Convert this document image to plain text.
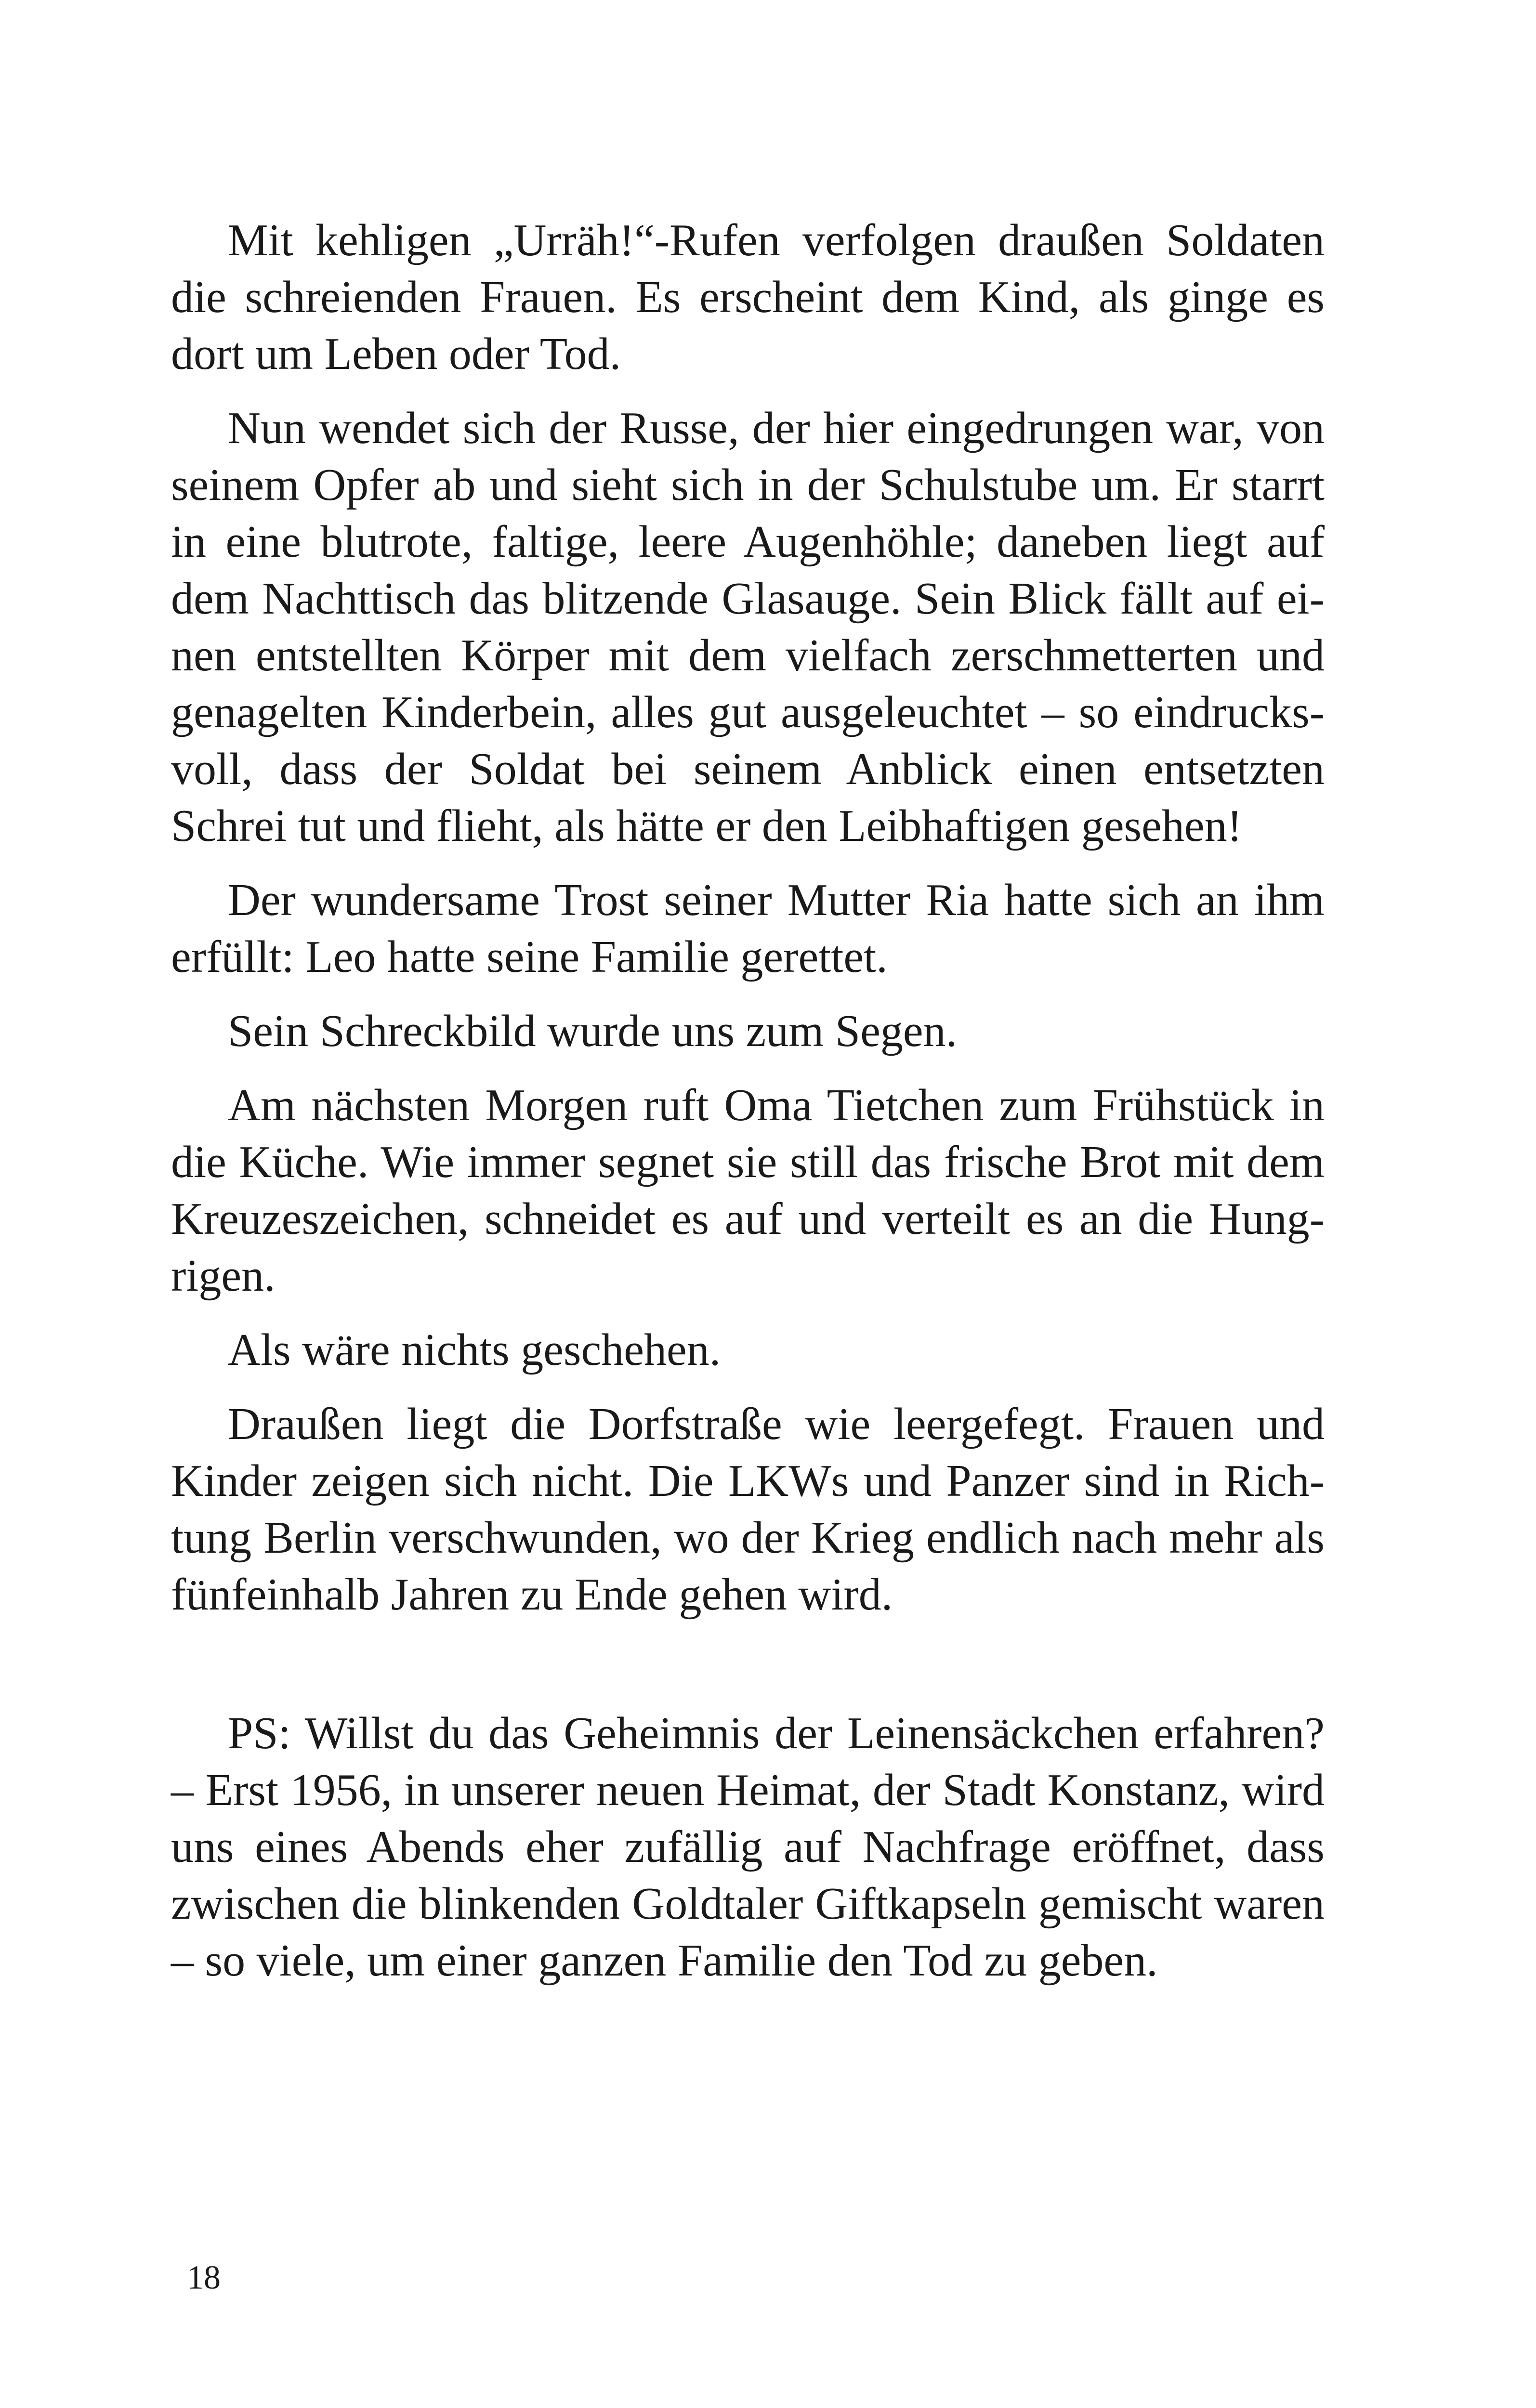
Mit kehligen „Urräh!“-Rufen verfolgen draußen Soldaten die schreienden Frauen. Es erscheint dem Kind, als ginge es dort um Leben oder Tod.

Nun wendet sich der Russe, der hier eingedrungen war, von seinem Opfer ab und sieht sich in der Schulstube um. Er starrt in eine blutrote, faltige, leere Augenhöhle; daneben liegt auf dem Nachttisch das blitzende Glasauge. Sein Blick fällt auf einen entstellten Körper mit dem vielfach zerschmetterten und genagelten Kinderbein, alles gut ausgeleuchtet – so eindrucksvoll, dass der Soldat bei seinem Anblick einen entsetzten Schrei tut und flieht, als hätte er den Leibhaftigen gesehen!

Der wundersame Trost seiner Mutter Ria hatte sich an ihm erfüllt: Leo hatte seine Familie gerettet.

Sein Schreckbild wurde uns zum Segen.

Am nächsten Morgen ruft Oma Tietchen zum Frühstück in die Küche. Wie immer segnet sie still das frische Brot mit dem Kreuzeszeichen, schneidet es auf und verteilt es an die Hungrigen.

Als wäre nichts geschehen.

Draußen liegt die Dorfstraße wie leergefegt. Frauen und Kinder zeigen sich nicht. Die LKWs und Panzer sind in Richtung Berlin verschwunden, wo der Krieg endlich nach mehr als fünfeinhalb Jahren zu Ende gehen wird.

PS: Willst du das Geheimnis der Leinensäckchen erfahren? – Erst 1956, in unserer neuen Heimat, der Stadt Konstanz, wird uns eines Abends eher zufällig auf Nachfrage eröffnet, dass zwischen die blinkenden Goldtaler Giftkapseln gemischt waren – so viele, um einer ganzen Familie den Tod zu geben.

18
